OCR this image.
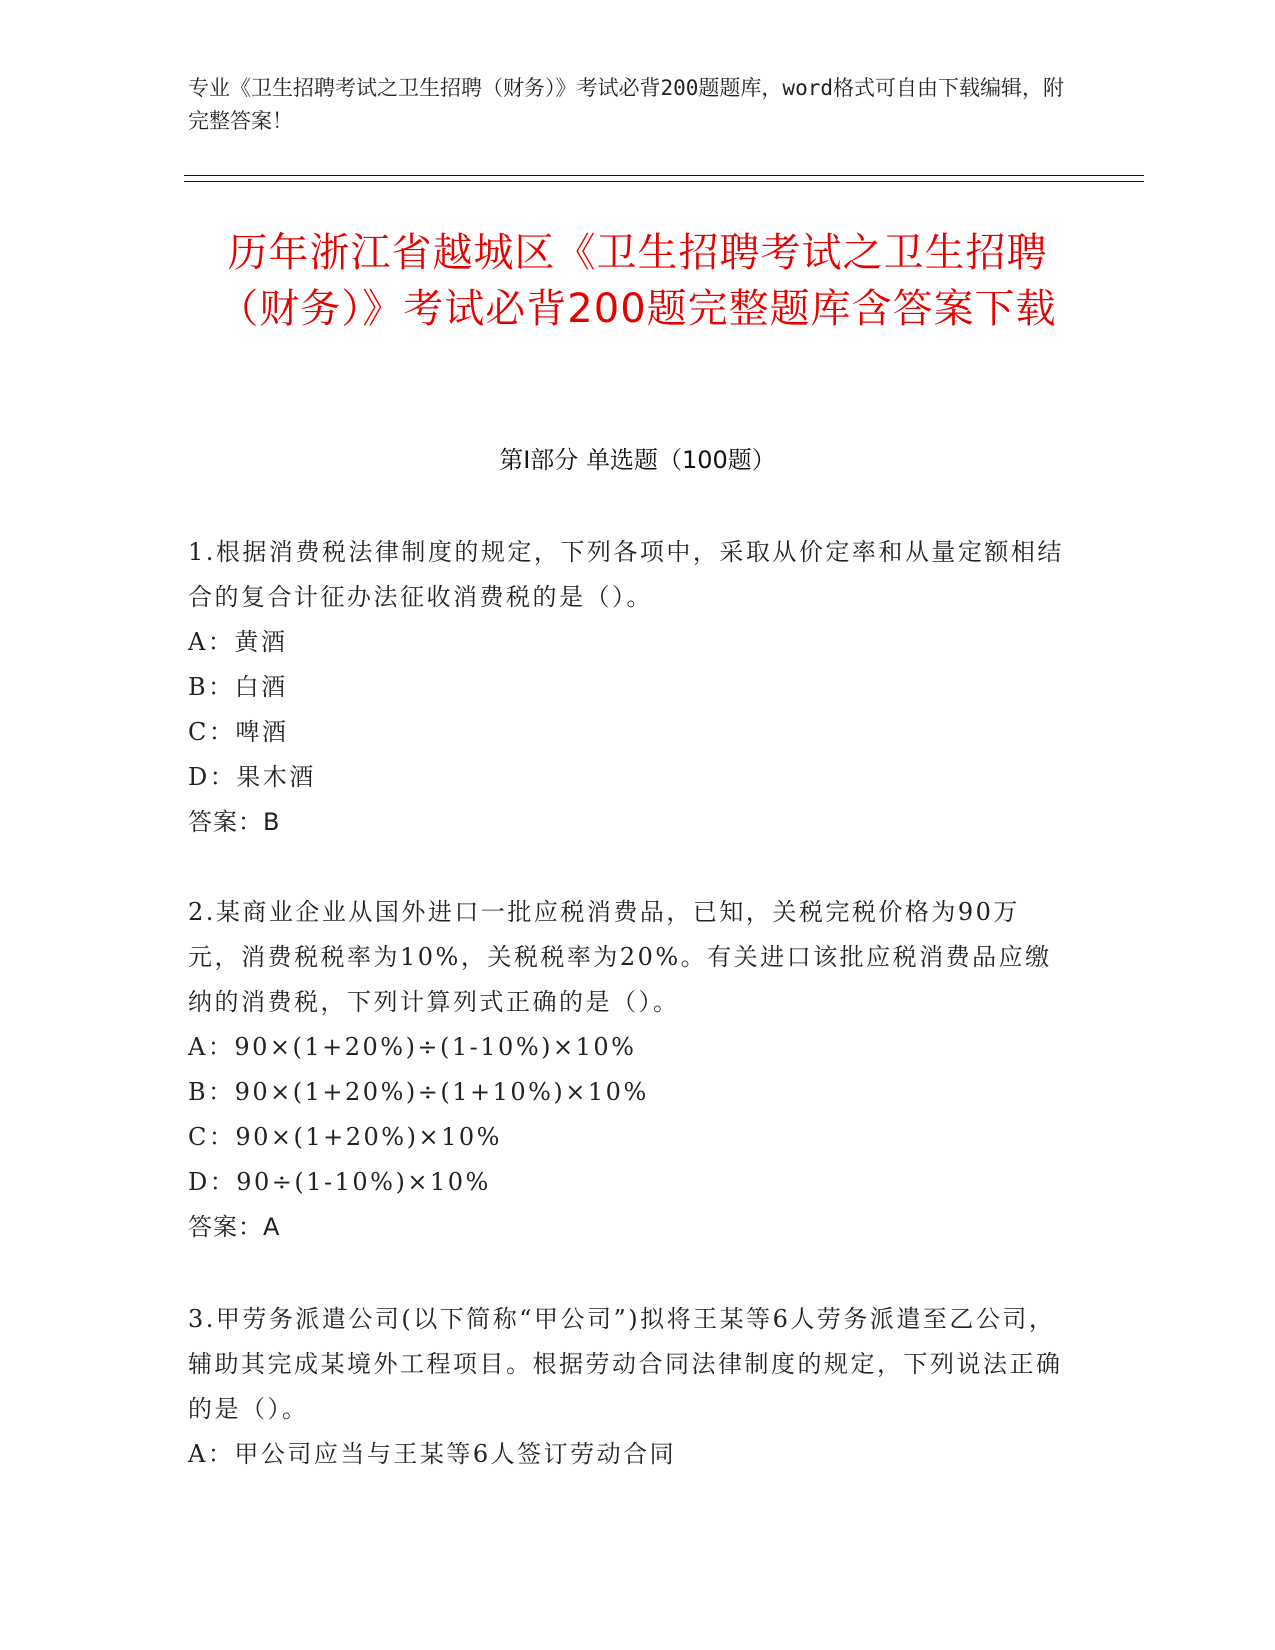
专业《卫生招聘考试之卫生招聘（财务）》考试必背200题题库，word格式可自由下载编辑，附完整答案！
历年浙江省越城区《卫生招聘考试之卫生招聘（财务）》考试必背200题完整题库含答案下载
第Ⅰ部分 单选题（100题）
1.根据消费税法律制度的规定，下列各项中，采取从价定率和从量定额相结合的复合计征办法征收消费税的是（）。
A：黄酒
B：白酒
C：啤酒
D：果木酒
答案：B
2.某商业企业从国外进口一批应税消费品，已知，关税完税价格为90万元，消费税税率为10%，关税税率为20%。有关进口该批应税消费品应缴纳的消费税，下列计算列式正确的是（）。
A：90×(1+20%)÷(1-10%)×10%
B：90×(1+20%)÷(1+10%)×10%
C：90×(1+20%)×10%
D：90÷(1-10%)×10%
答案：A
3.甲劳务派遣公司(以下简称“甲公司”)拟将王某等6人劳务派遣至乙公司，辅助其完成某境外工程项目。根据劳动合同法律制度的规定，下列说法正确的是（）。
A：甲公司应当与王某等6人签订劳动合同
